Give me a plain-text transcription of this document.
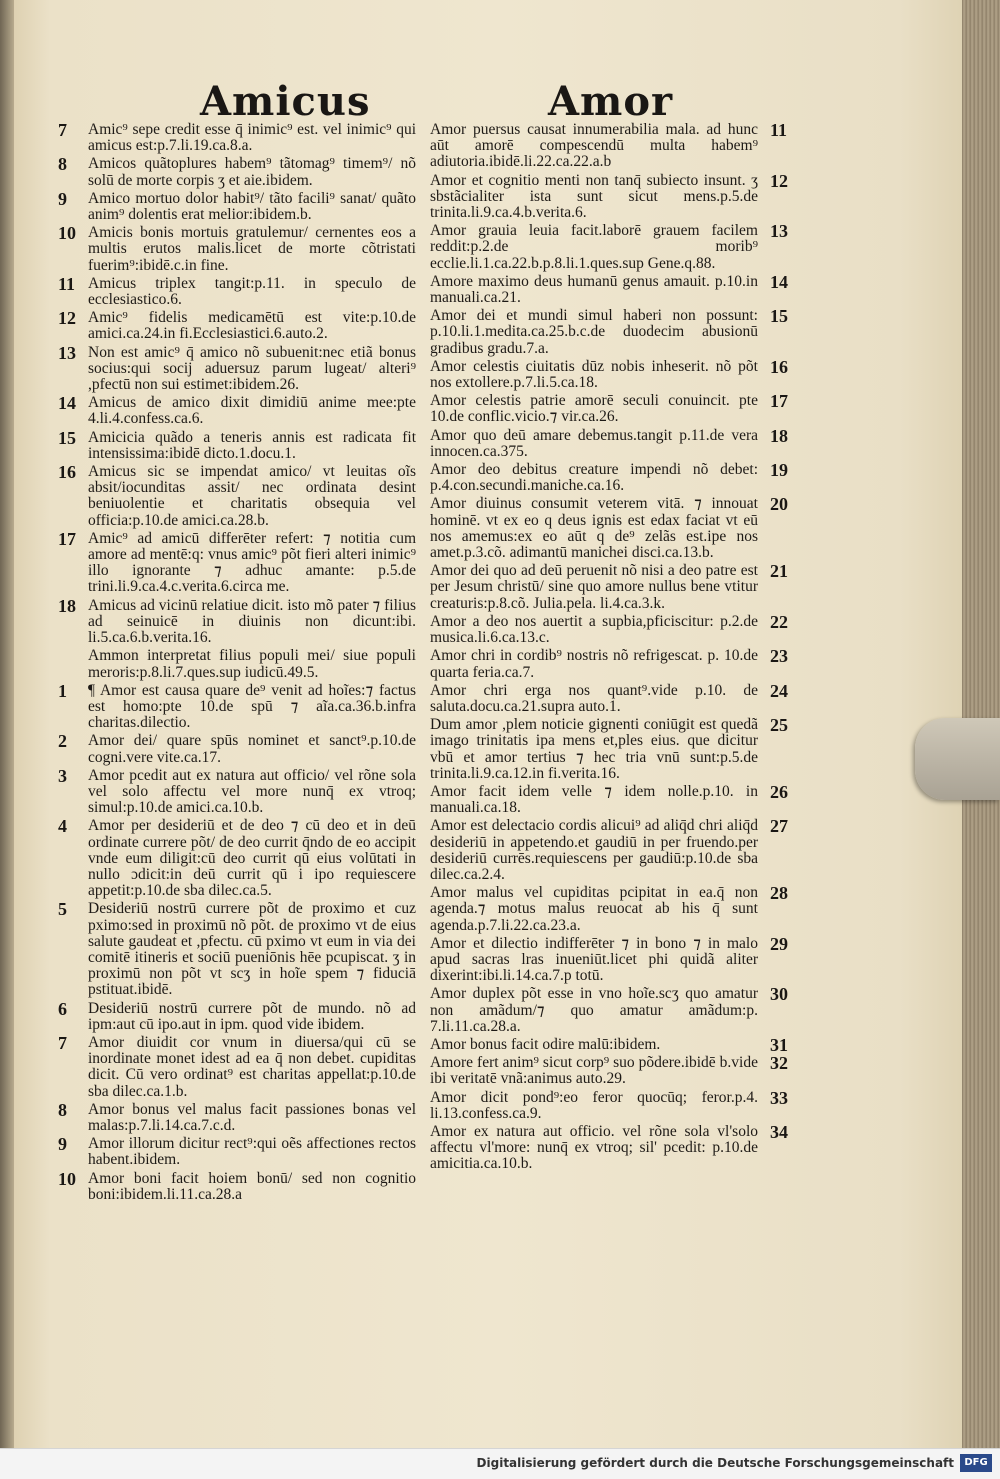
Amicus	Amor
7 Amic⁹ sepe credit esse q̄ inimic⁹ est. vel inimic⁹ qui amicus est:p.7.li.19.ca.8.a.
8 Amicos quãtoplures habem⁹ tãtomag⁹ timem⁹/ nõ solū de morte corpis ʒ et aie.ibidem.
9 Amico mortuo dolor habit⁹/ tãto facili⁹ sanat/ quãto anim⁹ dolentis erat melior:ibidem.b.
10 Amicis bonis mortuis gratulemur/ cernentes eos a multis erutos malis.licet de morte cõtristati fuerim⁹:ibidē.c.in fine.
11 Amicus triplex tangit:p.11. in speculo de ecclesiastico.6.
12 Amic⁹ fidelis medicamētū est vite:p.10.de amici.ca.24.in fi.Ecclesiastici.6.auto.2.
13 Non est amic⁹ q̄ amico nõ subuenit:nec etiã bonus socius:qui socij aduersuz parum lugeat/ alteri⁹ ,pfectū non sui estimet:ibidem.26.
14 Amicus de amico dixit dimidiū anime mee:pte 4.li.4.confess.ca.6.
15 Amicicia quãdo a teneris annis est radicata fit intensissima:ibidē dicto.1.docu.1.
16 Amicus sic se impendat amico/ vt leuitas oĩs absit/iocunditas assit/ nec ordinata desint beniuolentie et charitatis obsequia vel officia:p.10.de amici.ca.28.b.
17 Amic⁹ ad amicū differēter refert: ⁊ notitia cum amore ad mentē:q: vnus amic⁹ põt fieri alteri inimic⁹ illo ignorante ⁊ adhuc amante: p.5.de trini.li.9.ca.4.c.verita.6.circa me.
18 Amicus ad vicinū relatiue dicit. isto mõ pater ⁊ filius ad seinuicē in diuinis non dicunt:ibi. li.5.ca.6.b.verita.16.
Ammon interpretat filius populi mei/ siue populi meroris:p.8.li.7.ques.sup iudicū.49.5.
1 ¶ Amor est causa quare de⁹ venit ad hoĩes:⁊ factus est homo:pte 10.de spū ⁊ aĩa.ca.36.b.infra charitas.dilectio.
2 Amor dei/ quare spūs nominet et sanct⁹.p.10.de cogni.vere vite.ca.17.
3 Amor pcedit aut ex natura aut officio/ vel rõne sola vel solo affectu vel more nunq̄ ex vtroq; simul:p.10.de amici.ca.10.b.
4 Amor per desideriū et de deo ⁊ cū deo et in deū ordinate currere põt/ de deo currit q̄ndo de eo accipit vnde eum diligit:cū deo currit qū eius volūtati in nullo ɔdicit:in deū currit qū i ipo requiescere appetit:p.10.de sba dilec.ca.5.
5 Desideriū nostrū currere põt de proximo et cuz pximo:sed in proximū nõ põt. de proximo vt de eius salute gaudeat et ,pfectu. cū pximo vt eum in via dei comitē itineris et sociū pueniōnis hēe pcupiscat. ʒ in proximū non põt vt scʒ in hoĩe spem ⁊ fiduciā pstituat.ibidē.
6 Desideriū nostrū currere põt de mundo. nõ ad ipm:aut cū ipo.aut in ipm. quod vide ibidem.
7 Amor diuidit cor vnum in diuersa/qui cū se inordinate monet idest ad ea q̄ non debet. cupiditas dicit. Cū vero ordinat⁹ est charitas appellat:p.10.de sba dilec.ca.1.b.
8 Amor bonus vel malus facit passiones bonas vel malas:p.7.li.14.ca.7.c.d.
9 Amor illorum dicitur rect⁹:qui oẽs affectiones rectos habent.ibidem.
10 Amor boni facit hoiem bonū/ sed non cognitio boni:ibidem.li.11.ca.28.a
11
Amor puersus causat innumerabilia mala. ad hunc aūt amorē compescendū multa habem⁹ adiutoria.ibidē.li.22.ca.22.a.b
12
Amor et cognitio menti non tanq̄ subiecto insunt. ʒ sbstãcialiter ista sunt sicut mens.p.5.de trinita.li.9.ca.4.b.verita.6.
13
Amor grauia leuia facit.laborē grauem facilem reddit:p.2.de morib⁹ ecclie.li.1.ca.22.b.p.8.li.1.ques.sup Gene.q.88.
14
Amore maximo deus humanū genus amauit. p.10.in manuali.ca.21.
15
Amor dei et mundi simul haberi non possunt: p.10.li.1.medita.ca.25.b.c.de duodecim abusionū gradibus gradu.7.a.
16
Amor celestis ciuitatis dūz nobis inheserit. nõ põt nos extollere.p.7.li.5.ca.18.
17
Amor celestis patrie amorē seculi conuincit. pte 10.de conflic.vicio.⁊ vir.ca.26.
18
Amor quo deū amare debemus.tangit p.11.de vera innocen.ca.375.
19
Amor deo debitus creature impendi nõ debet: p.4.con.secundi.maniche.ca.16.
20
Amor diuinus consumit veterem vitā. ⁊ innouat hominē. vt ex eo q deus ignis est edax faciat vt eū nos amemus:ex eo aūt q de⁹ zelãs est.ipe nos amet.p.3.cõ. adimantū manichei disci.ca.13.b.
21
Amor dei quo ad deū peruenit nõ nisi a deo patre est per Jesum christū/ sine quo amore nullus bene vtitur creaturis:p.8.cõ. Julia.pela. li.4.ca.3.k.
22
Amor a deo nos auertit a supbia,pficiscitur: p.2.de musica.li.6.ca.13.c.
23
Amor chri in cordib⁹ nostris nõ refrigescat. p. 10.de quarta feria.ca.7.
24
Amor chri erga nos quant⁹.vide p.10. de saluta.docu.ca.21.supra auto.1.
25
Dum amor ,plem noticie gignenti coniūgit est quedã imago trinitatis ipa mens et,ples eius. que dicitur vbū et amor tertius ⁊ hec tria vnū sunt:p.5.de trinita.li.9.ca.12.in fi.verita.16.
26
Amor facit idem velle ⁊ idem nolle.p.10. in manuali.ca.18.
27
Amor est delectacio cordis alicui⁹ ad aliq̄d chri aliq̄d desideriū in appetendo.et gaudiū in per fruendo.per desideriū currēs.requiescens per gaudiū:p.10.de sba dilec.ca.2.4.
28
Amor malus vel cupiditas pcipitat in ea.q̄ non agenda.⁊ motus malus reuocat ab his q̄ sunt agenda.p.7.li.22.ca.23.a.
29
Amor et dilectio indifferēter ⁊ in bono ⁊ in malo apud sacras lras inueniūt.licet phi quidã aliter dixerint:ibi.li.14.ca.7.p totū.
30
Amor duplex põt esse in vno hoĩe.scʒ quo amatur non amãdum/⁊ quo amatur amãdum:p. 7.li.11.ca.28.a.
31
Amor bonus facit odire malū:ibidem.
32
Amore fert anim⁹ sicut corp⁹ suo põdere.ibidē b.vide ibi veritatē vnã:animus auto.29.
33
Amor dicit pond⁹:eo feror quocūq; feror.p.4. li.13.confess.ca.9.
34
Amor ex natura aut officio. vel rõne sola vl'solo affectu vl'more: nunq̄ ex vtroq; sil' pcedit: p.10.de amicitia.ca.10.b.
Digitalisierung gefördert durch die Deutsche Forschungsgemeinschaft	DFG
